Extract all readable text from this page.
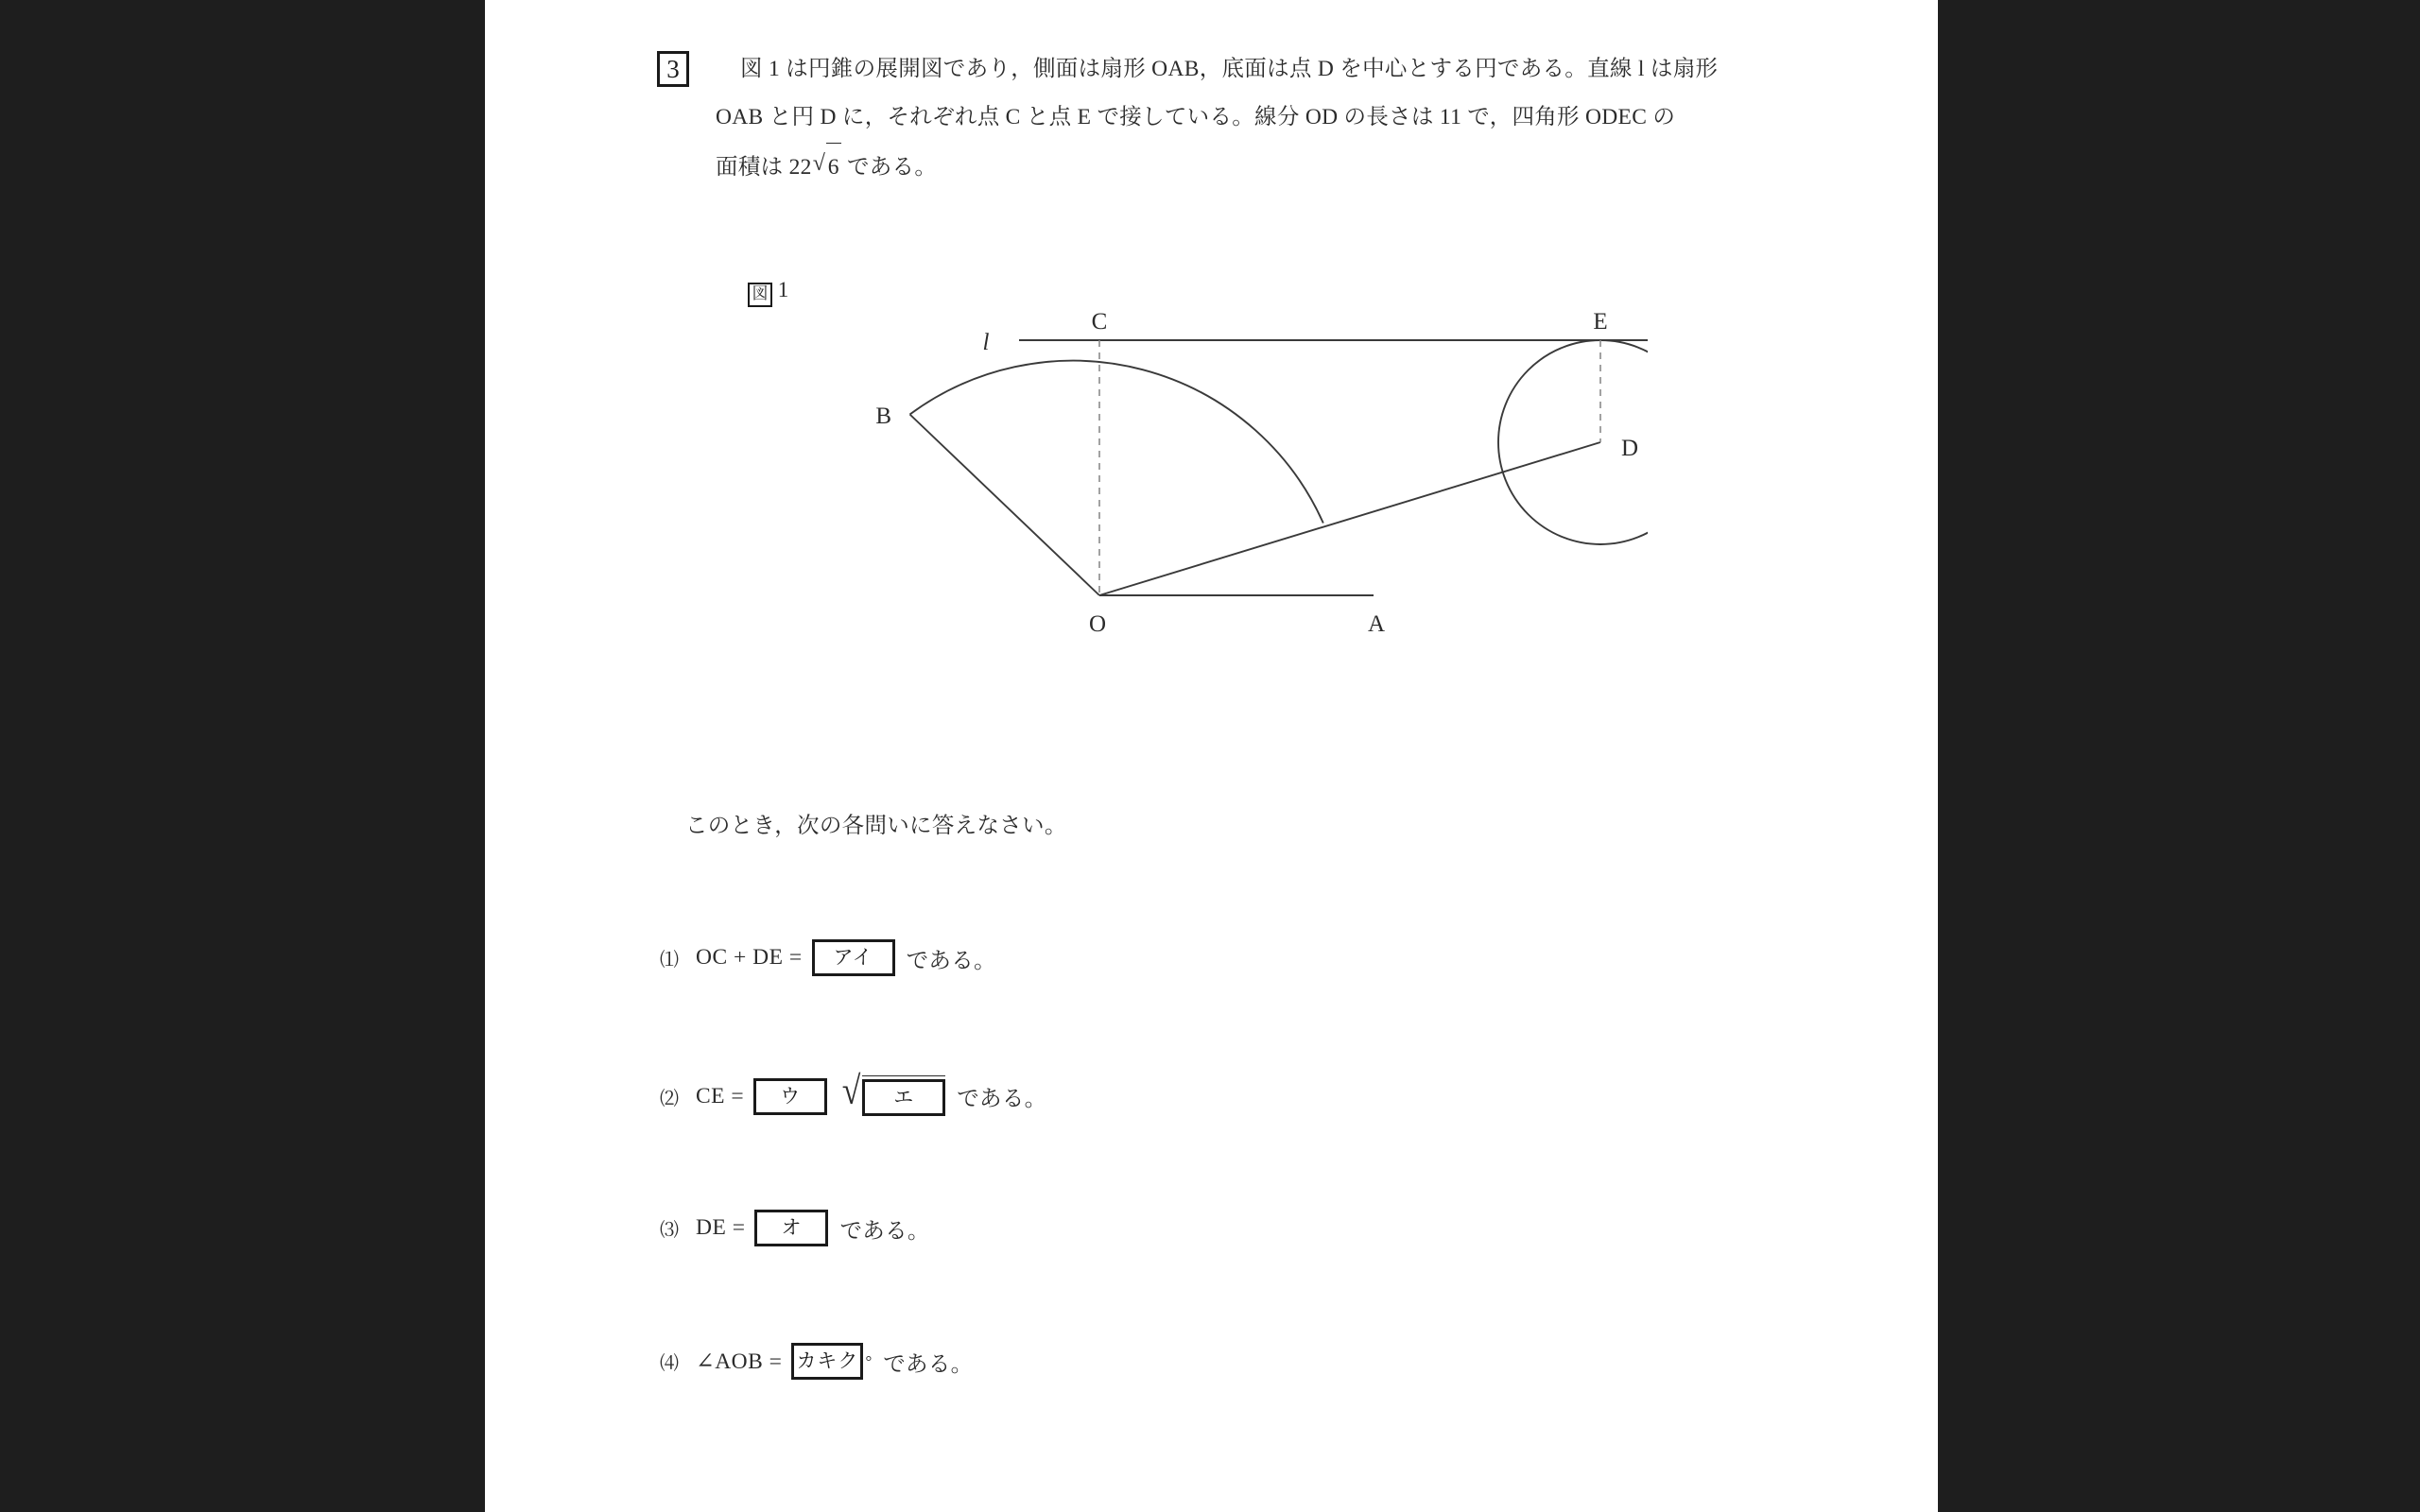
3	図 1 は円錐の展開図であり，側面は扇形 OAB，底面は点 D を中心とする円である。直線 l は扇形
OAB と円 D に，それぞれ点 C と点 E で接している。線分 OD の長さは 11 で，四角形 ODEC の
面積は 22 √ 6 である。
図 1
l
C	E
B
D
O	A
このとき，次の各問いに答えなさい。
⑴ OC + DE =	アイ	である。
⑵ CE =	ウ	√	エ	である。
⑶ DE =	オ	である。
⑷ ∠AOB = カキク ° である。
